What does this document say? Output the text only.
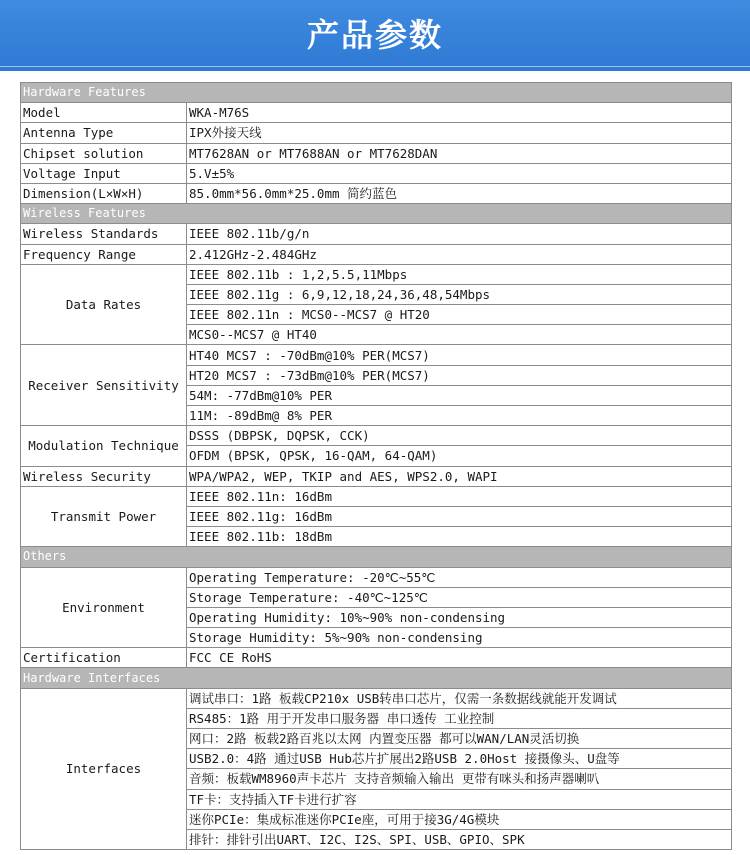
产品参数
Hardware Features	
Model	WKA-M76S
Antenna Type	IPX外接天线
Chipset solution	MT7628AN or MT7688AN or MT7628DAN
Voltage Input	5.V±5%
Dimension(L×W×H)	85.0mm*56.0mm*25.0mm 简约蓝色
Wireless Features	
Wireless Standards	IEEE 802.11b/g/n
Frequency Range	2.412GHz-2.484GHz
Data Rates	IEEE 802.11b : 1,2,5.5,11Mbps
	IEEE 802.11g : 6,9,12,18,24,36,48,54Mbps
	IEEE 802.11n : MCS0--MCS7 @ HT20
	MCS0--MCS7 @ HT40
Receiver Sensitivity	HT40 MCS7 : -70dBm@10% PER(MCS7)
	HT20 MCS7 : -73dBm@10% PER(MCS7)
	54M: -77dBm@10% PER
	11M: -89dBm@ 8% PER
Modulation Technique	DSSS (DBPSK, DQPSK, CCK)
	OFDM (BPSK, QPSK, 16-QAM, 64-QAM)
Wireless Security	WPA/WPA2, WEP, TKIP and AES, WPS2.0, WAPI
Transmit Power	IEEE 802.11n: 16dBm
	IEEE 802.11g: 16dBm
	IEEE 802.11b: 18dBm
Others	
Environment	Operating Temperature: -20℃~55℃
	Storage Temperature: -40℃~125℃
	Operating Humidity: 10%~90% non-condensing
	Storage Humidity: 5%~90% non-condensing
Certification	FCC CE RoHS
Hardware Interfaces	
Interfaces	调试串口：1路 板载CP210x USB转串口芯片，仅需一条数据线就能开发调试
	RS485：1路 用于开发串口服务器 串口透传 工业控制
	网口：2路 板载2路百兆以太网 内置变压器 都可以WAN/LAN灵活切换
	USB2.0：4路 通过USB Hub芯片扩展出2路USB 2.0Host 接摄像头、U盘等
	音频：板载WM8960声卡芯片 支持音频输入输出 更带有咪头和扬声器喇叭
	TF卡：支持插入TF卡进行扩容
	迷你PCIe：集成标准迷你PCIe座，可用于接3G/4G模块
	排针：排针引出UART、I2C、I2S、SPI、USB、GPIO、SPK
